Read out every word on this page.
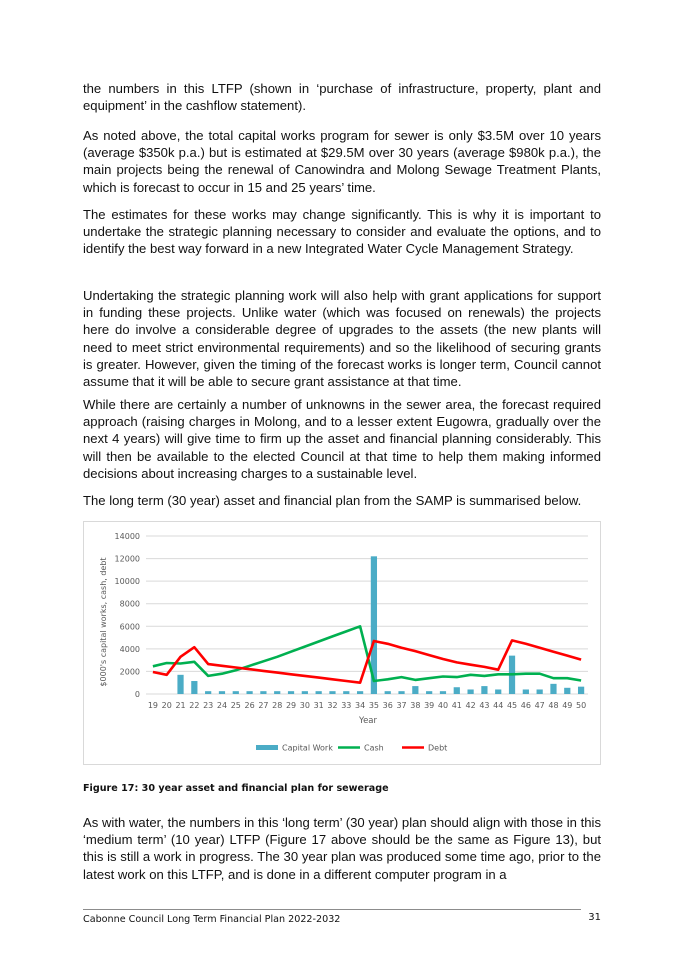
the numbers in this LTFP (shown in ‘purchase of infrastructure, property, plant and equipment’ in the cashflow statement).

As noted above, the total capital works program for sewer is only $3.5M over 10 years (average $350k p.a.) but is estimated at $29.5M over 30 years (average $980k p.a.), the main projects being the renewal of Canowindra and Molong Sewage Treatment Plants, which is forecast to occur in 15 and 25 years’ time.

The estimates for these works may change significantly. This is why it is important to undertake the strategic planning necessary to consider and evaluate the options, and to identify the best way forward in a new Integrated Water Cycle Management Strategy.

Undertaking the strategic planning work will also help with grant applications for support in funding these projects. Unlike water (which was focused on renewals) the projects here do involve a considerable degree of upgrades to the assets (the new plants will need to meet strict environmental requirements) and so the likelihood of securing grants is greater. However, given the timing of the forecast works is longer term, Council cannot assume that it will be able to secure grant assistance at that time.

While there are certainly a number of unknowns in the sewer area, the forecast required approach (raising charges in Molong, and to a lesser extent Eugowra, gradually over the next 4 years) will give time to firm up the asset and financial planning considerably. This will then be available to the elected Council at that time to help them making informed decisions about increasing charges to a sustainable level.

The long term (30 year) asset and financial plan from the SAMP is summarised below.

0
2000
4000
6000
8000
10000
12000
14000
19 20 21 22 23 24 25 26 27 28 29 30 31 32 33 34 35 36 37 38 39 40 41 42 43 44 45 46 47 48 49 50
Year
$000's capital works, cash, debt
Capital Work	Cash	Debt
Figure 17: 30 year asset and financial plan for sewerage

As with water, the numbers in this ‘long term’ (30 year) plan should align with those in this ‘medium term’ (10 year) LTFP (Figure 17 above should be the same as Figure 13), but this is still a work in progress. The 30 year plan was produced some time ago, prior to the latest work on this LTFP, and is done in a different computer program in a

Cabonne Council Long Term Financial Plan 2022-2032	31
